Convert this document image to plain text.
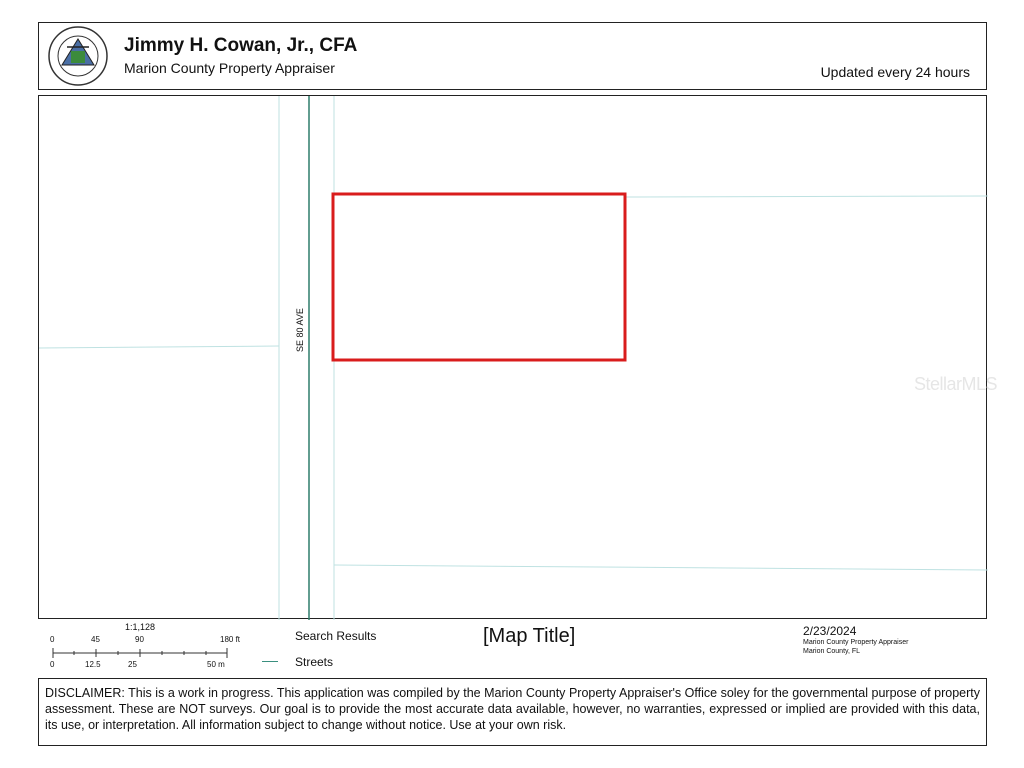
Jimmy H. Cowan, Jr., CFA
Marion County Property Appraiser	Updated every 24 hours
SE 80 AVE
StellarMLS
1:1,128
0	45	90	180 ft
0	12.5	25	50 m
Search Results
Streets
[Map Title]	2/23/2024
Marion County Property Appraiser
Marion County, FL
DISCLAIMER: This is a work in progress. This application was compiled by the Marion County Property Appraiser's Office soley for the governmental purpose of property assessment. These are NOT surveys. Our goal is to provide the most accurate data available, however, no warranties, expressed or implied are provided with this data, its use, or interpretation. All information subject to change without notice. Use at your own risk.
